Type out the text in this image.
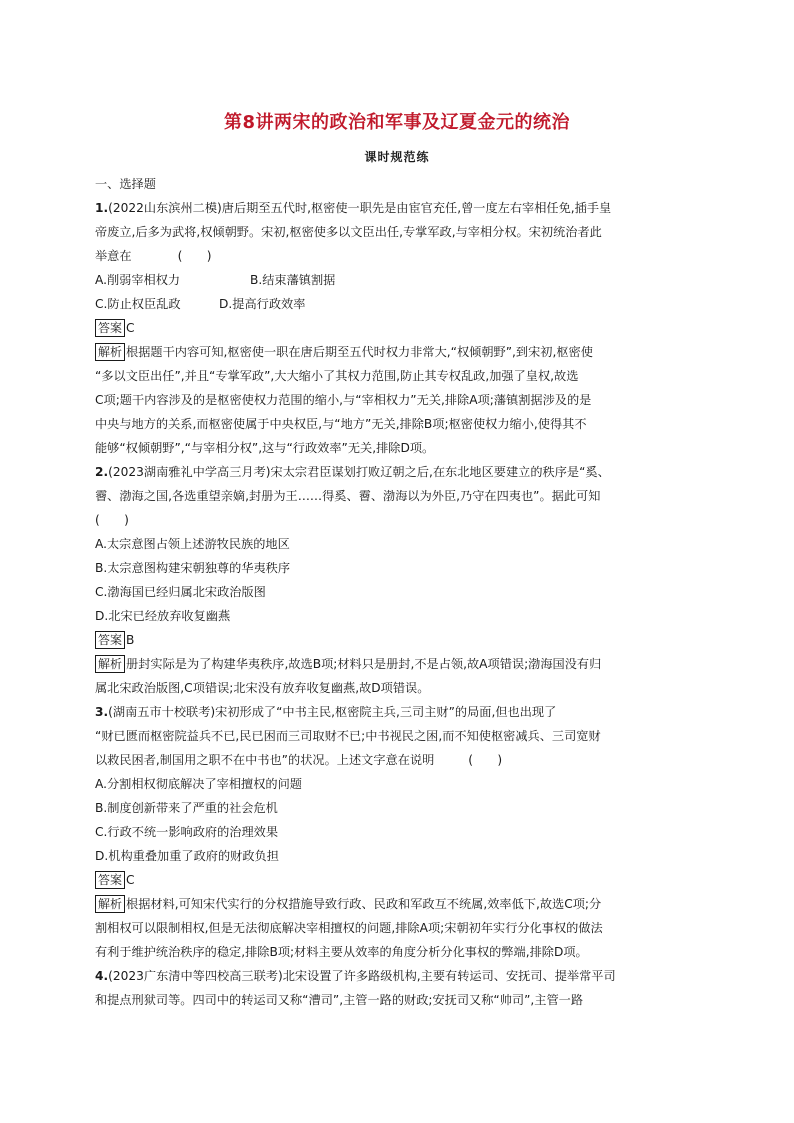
第8讲两宋的政治和军事及辽夏金元的统治
课时规范练
一、选择题
1.(2022山东滨州二模)唐后期至五代时,枢密使一职先是由宦官充任,曾一度左右宰相任免,插手皇
帝废立,后多为武将,权倾朝野。宋初,枢密使多以文臣出任,专掌军政,与宰相分权。宋初统治者此
举意在	(　　)
A.削弱宰相权力	B.结束藩镇割据
C.防止权臣乱政	D.提高行政效率
答案 C
解析 根据题干内容可知,枢密使一职在唐后期至五代时权力非常大,“权倾朝野”,到宋初,枢密使
“多以文臣出任”,并且“专掌军政”,大大缩小了其权力范围,防止其专权乱政,加强了皇权,故选
C项;题干内容涉及的是枢密使权力范围的缩小,与“宰相权力”无关,排除A项;藩镇割据涉及的是
中央与地方的关系,而枢密使属于中央权臣,与“地方”无关,排除B项;枢密使权力缩小,使得其不
能够“权倾朝野”,“与宰相分权”,这与“行政效率”无关,排除D项。
2.(2023湖南雅礼中学高三月考)宋太宗君臣谋划打败辽朝之后,在东北地区要建立的秩序是“奚、
霫、渤海之国,各选重望亲嫡,封册为王……得奚、霫、渤海以为外臣,乃守在四夷也”。据此可知
(　　)
A.太宗意图占领上述游牧民族的地区
B.太宗意图构建宋朝独尊的华夷秩序
C.渤海国已经归属北宋政治版图
D.北宋已经放弃收复幽燕
答案 B
解析 册封实际是为了构建华夷秩序,故选B项;材料只是册封,不是占领,故A项错误;渤海国没有归
属北宋政治版图,C项错误;北宋没有放弃收复幽燕,故D项错误。
3.(湖南五市十校联考)宋初形成了“中书主民,枢密院主兵,三司主财”的局面,但也出现了
“财已匮而枢密院益兵不已,民已困而三司取财不已;中书视民之困,而不知使枢密减兵、三司宽财
以救民困者,制国用之职不在中书也”的状况。上述文字意在说明	(　　)
A.分割相权彻底解决了宰相擅权的问题
B.制度创新带来了严重的社会危机
C.行政不统一影响政府的治理效果
D.机构重叠加重了政府的财政负担
答案 C
解析 根据材料,可知宋代实行的分权措施导致行政、民政和军政互不统属,效率低下,故选C项;分
割相权可以限制相权,但是无法彻底解决宰相擅权的问题,排除A项;宋朝初年实行分化事权的做法
有利于维护统治秩序的稳定,排除B项;材料主要从效率的角度分析分化事权的弊端,排除D项。
4.(2023广东清中等四校高三联考)北宋设置了许多路级机构,主要有转运司、安抚司、提举常平司
和提点刑狱司等。四司中的转运司又称“漕司”,主管一路的财政;安抚司又称“帅司”,主管一路
